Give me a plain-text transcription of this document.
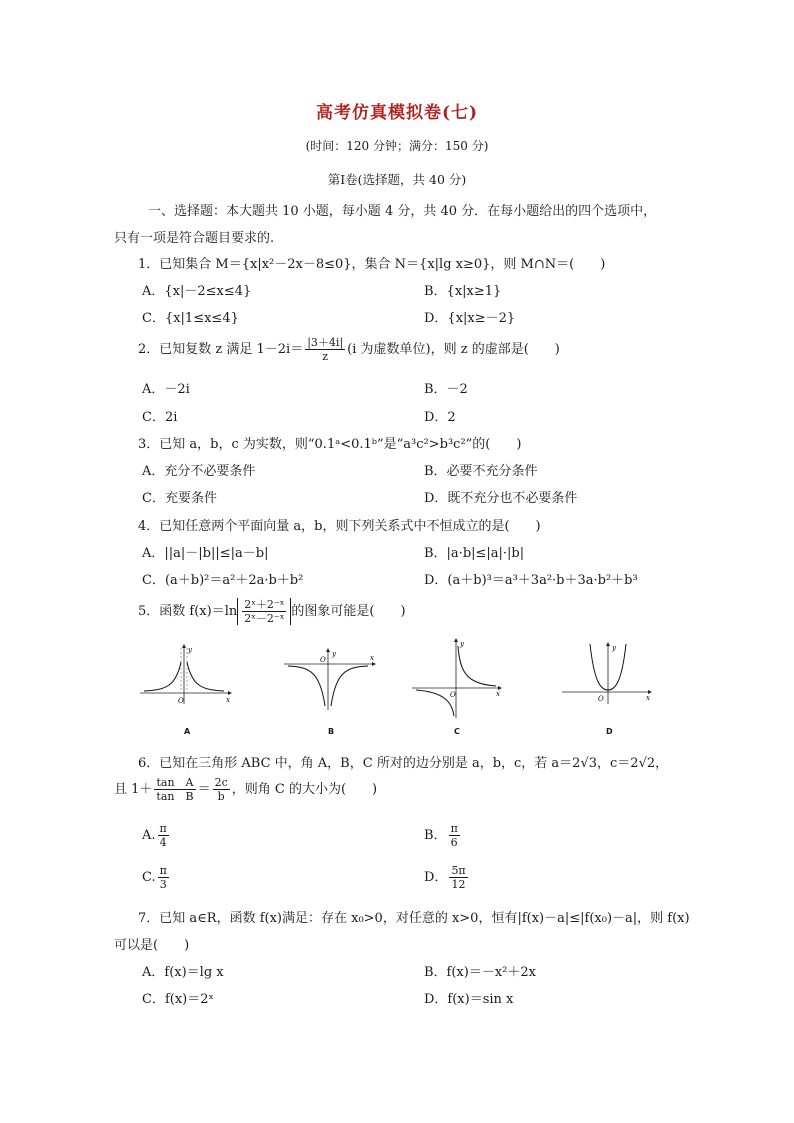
高考仿真模拟卷(七)
(时间：120 分钟；满分：150 分)
第Ⅰ卷(选择题，共 40 分)
一、选择题：本大题共 10 小题，每小题 4 分，共 40 分．在每小题给出的四个选项中，
只有一项是符合题目要求的.
1．已知集合 M＝{x|x²－2x－8≤0}，集合 N＝{x|lg x≥0}，则 M∩N＝(　　)
A．{x|－2≤x≤4}	B．{x|x≥1}
C．{x|1≤x≤4}	D．{x|x≥－2}
2．已知复数 z 满足 $1-2i= \frac{|3+4i|}{z} (i$ 为虚数单位)，则 z 的虚部是(　　)
A．－2i	B．－2
C．2i	D．2
3．已知 a，b，c 为实数，则“0.1ᵃ<0.1ᵇ”是“a³c²>b³c²”的(　　)
A．充分不必要条件	B．必要不充分条件
C．充要条件	D．既不充分也不必要条件
4．已知任意两个平面向量 a，b，则下列关系式中不恒成立的是(　　)
A．||a|－|b||≤|a－b|	B．|a·b|≤|a|·|b|
C．(a＋b)²＝a²＋2a·b＋b²	D．(a＋b)³＝a³＋3a²·b＋3a·b²＋b³
5．函数 $f(x)=\ln \frac{\text{2ˣ＋2⁻ˣ}}{\text{2ˣ－2⁻ˣ}}$ 的图象可能是(　　)
y
O	x
A
y
O	x
B
y
O	x
C
y
O	x
D
6．已知在三角形 ABC 中，角 A，B，C 所对的边分别是 a，b，c，若 a＝2√3，c＝2√2，
且 $1+ \frac{\text{tan　A}}{\text{tan　B}} = \frac{2c}{b}$ ，则角 C 的大小为(　　)
A. $\frac{\pi}{4}$	B． $\frac{\pi}{6}$
C. $\frac{\pi}{3}$	D． $\frac{5\pi}{12}$
7．已知 a∈R，函数 f(x)满足：存在 x₀>0，对任意的 x>0，恒有|f(x)－a|≤|f(x₀)－a|，则 f(x)
可以是(　　)
A．f(x)＝lg x	B．f(x)＝－x²＋2x
C．f(x)＝2ˣ	D．f(x)＝sin x
